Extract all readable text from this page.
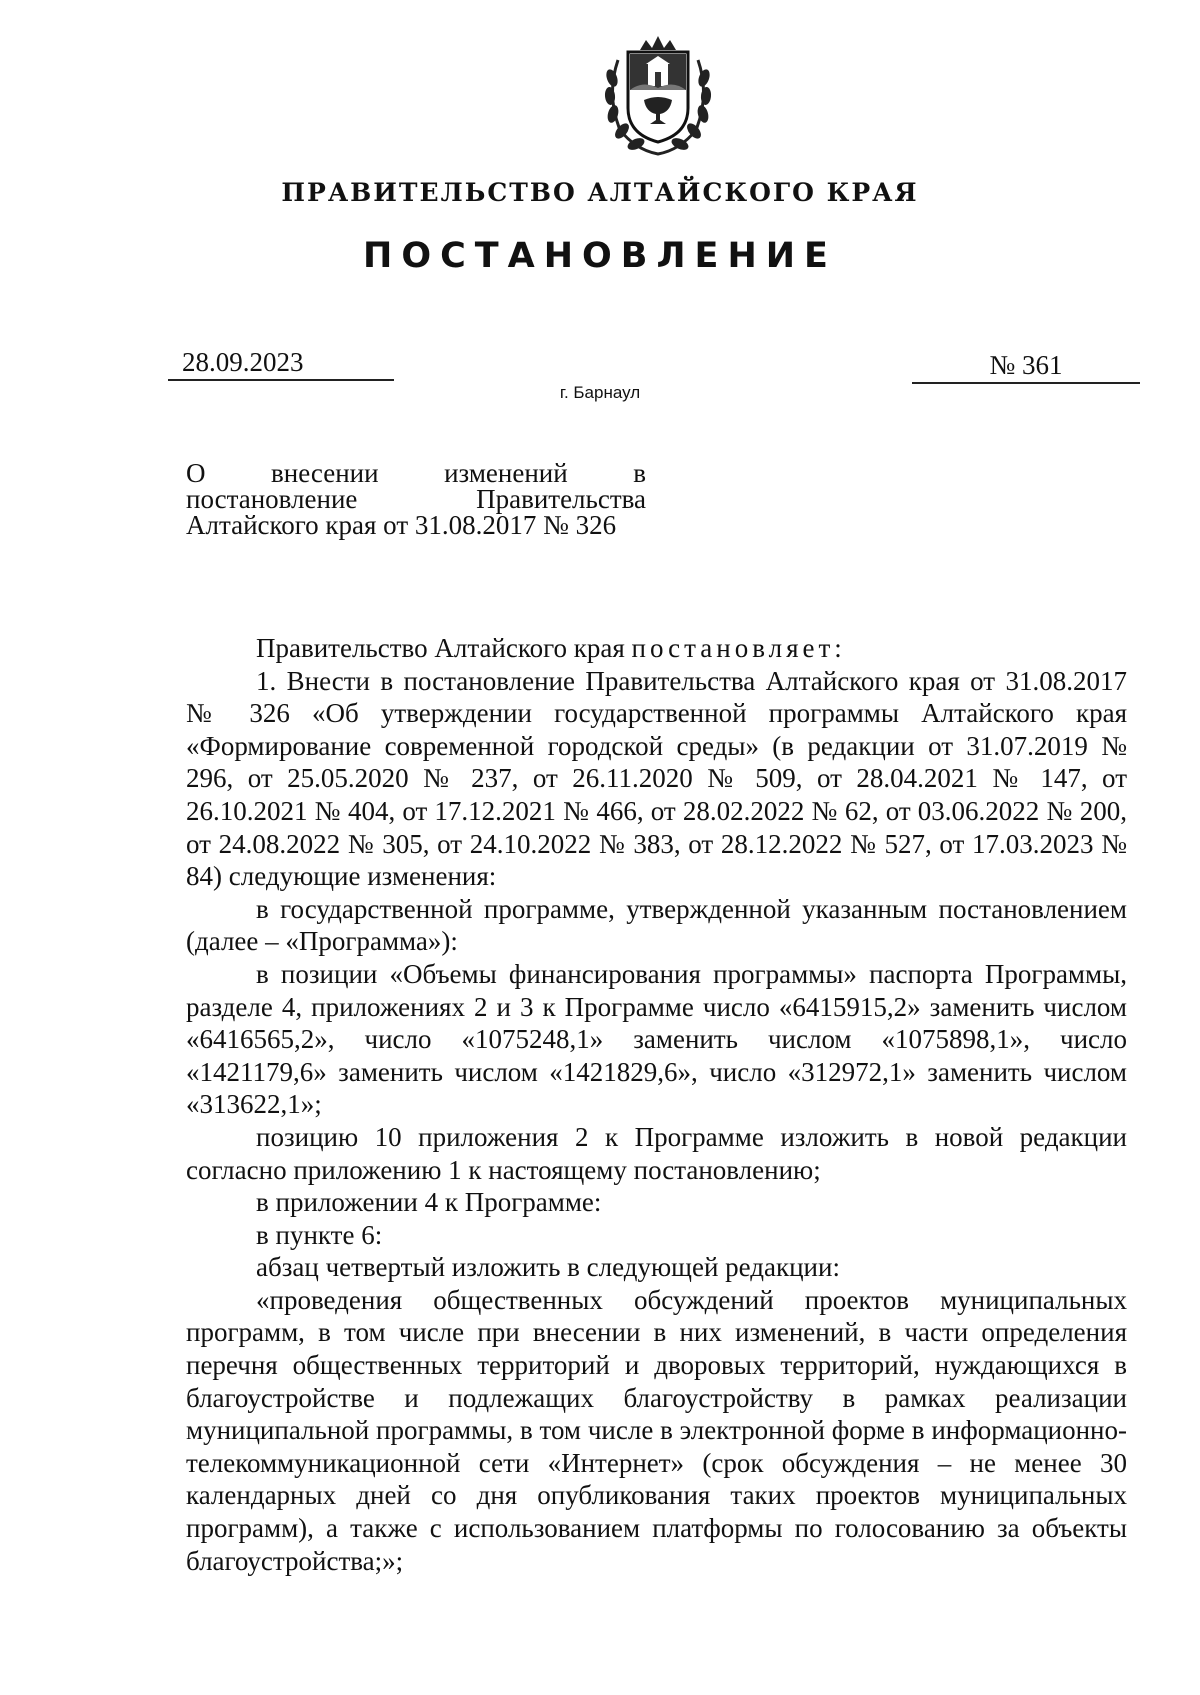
ПРАВИТЕЛЬСТВО АЛТАЙСКОГО КРАЯ
ПОСТАНОВЛЕНИЕ
28.09.2023	№ 361
г. Барнаул
О внесении изменений в
постановление Правительства
Алтайского края от 31.08.2017 № 326

Правительство Алтайского края постановляет:

1. Внести в постановление Правительства Алтайского края от 31.08.2017 № 326 «Об утверждении государственной программы Алтайского края «Формирование современной городской среды» (в редакции от 31.07.2019 № 296, от 25.05.2020 № 237, от 26.11.2020 № 509, от 28.04.2021 № 147, от 26.10.2021 № 404, от 17.12.2021 № 466, от 28.02.2022 № 62, от 03.06.2022 № 200, от 24.08.2022 № 305, от 24.10.2022 № 383, от 28.12.2022 № 527, от 17.03.2023 № 84) следующие изменения:

в государственной программе, утвержденной указанным постановлением (далее – «Программа»):

в позиции «Объемы финансирования программы» паспорта Программы, разделе 4, приложениях 2 и 3 к Программе число «6415915,2» заменить числом «6416565,2», число «1075248,1» заменить числом «1075898,1», число «1421179,6» заменить числом «1421829,6», число «312972,1» заменить числом «313622,1»;

позицию 10 приложения 2 к Программе изложить в новой редакции согласно приложению 1 к настоящему постановлению;

в приложении 4 к Программе:

в пункте 6:

абзац четвертый изложить в следующей редакции:

«проведения общественных обсуждений проектов муниципальных программ, в том числе при внесении в них изменений, в части определения перечня общественных территорий и дворовых территорий, нуждающихся в благоустройстве и подлежащих благоустройству в рамках реализации муниципальной программы, в том числе в электронной форме в информационно-телекоммуникационной сети «Интернет» (срок обсуждения – не менее 30 календарных дней со дня опубликования таких проектов муниципальных программ), а также с использованием платформы по голосованию за объекты благоустройства;»;
